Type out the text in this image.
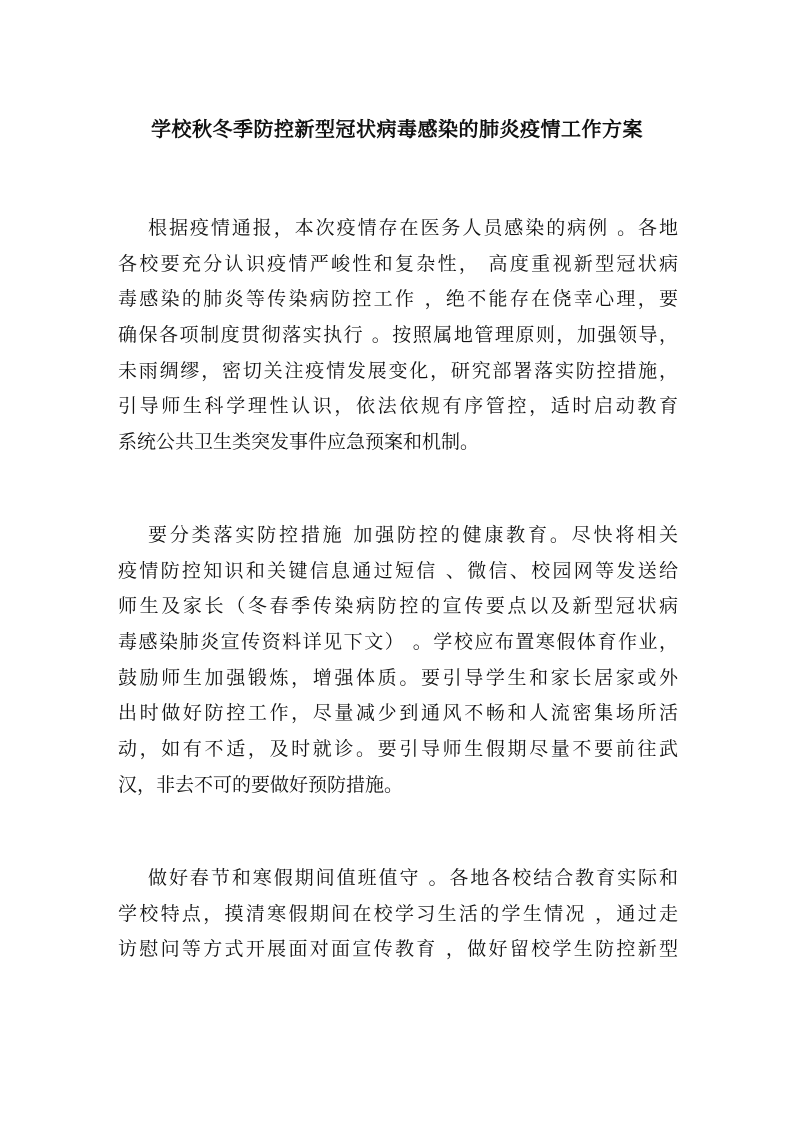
学校秋冬季防控新型冠状病毒感染的肺炎疫情工作方案
根据疫情通报，本次疫情存在医务人员感染的病例 。各地
各校要充分认识疫情严峻性和复杂性， 高度重视新型冠状病
毒感染的肺炎等传染病防控工作 ，绝不能存在侥幸心理，要
确保各项制度贯彻落实执行 。按照属地管理原则，加强领导，
未雨绸缪，密切关注疫情发展变化，研究部署落实防控措施，
引导师生科学理性认识，依法依规有序管控，适时启动教育
系统公共卫生类突发事件应急预案和机制。
要分类落实防控措施 加强防控的健康教育。尽快将相关
疫情防控知识和关键信息通过短信 、微信、校园网等发送给
师生及家长（冬春季传染病防控的宣传要点以及新型冠状病
毒感染肺炎宣传资料详见下文） 。学校应布置寒假体育作业，
鼓励师生加强锻炼，增强体质。要引导学生和家长居家或外
出时做好防控工作，尽量减少到通风不畅和人流密集场所活
动，如有不适，及时就诊。要引导师生假期尽量不要前往武
汉，非去不可的要做好预防措施。
做好春节和寒假期间值班值守 。各地各校结合教育实际和
学校特点，摸清寒假期间在校学习生活的学生情况 ，通过走
访慰问等方式开展面对面宣传教育 ，做好留校学生防控新型
